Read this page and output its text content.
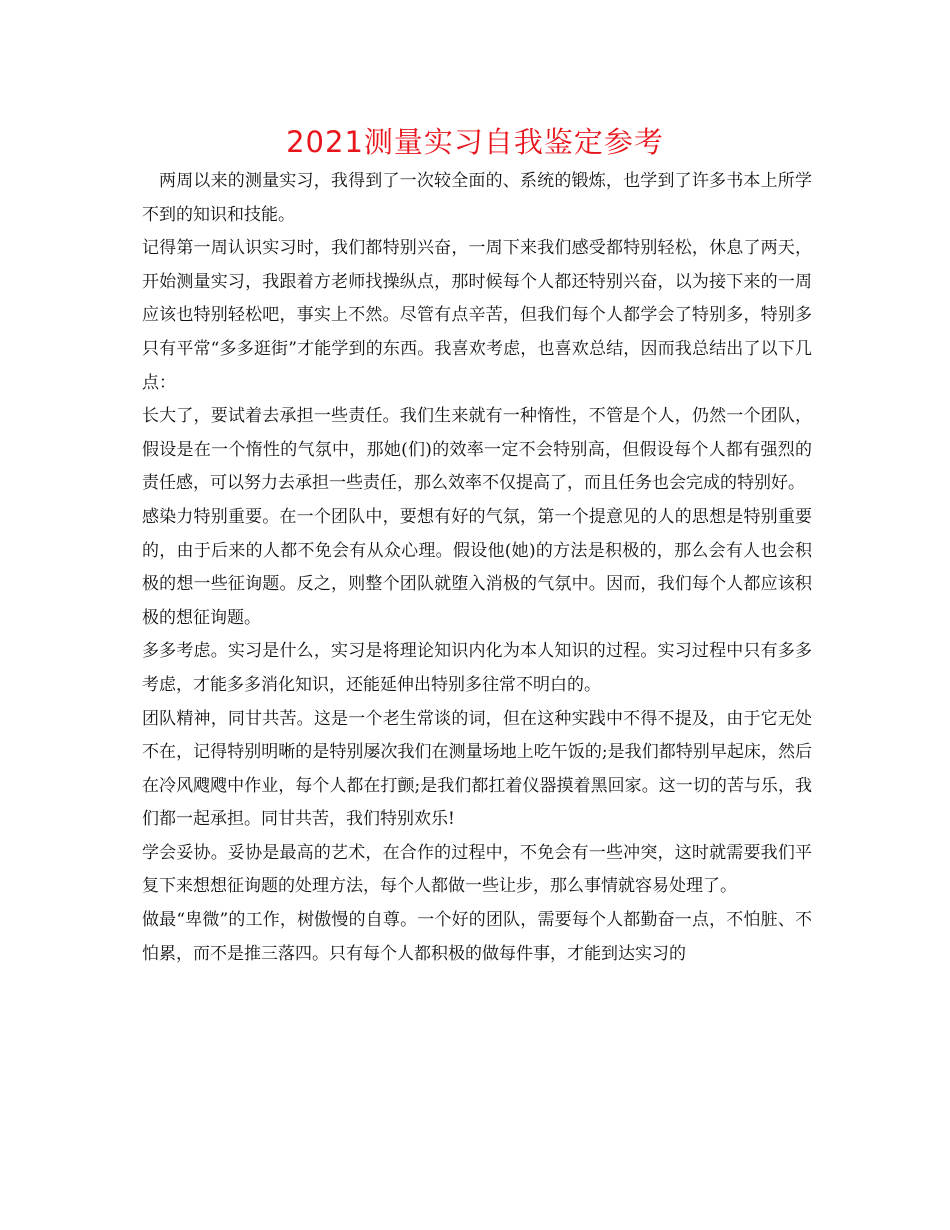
2021测量实习自我鉴定参考

两周以来的测量实习，我得到了一次较全面的、系统的锻炼，也学到了许多书本上所学不到的知识和技能。

记得第一周认识实习时，我们都特别兴奋，一周下来我们感受都特别轻松，休息了两天，开始测量实习，我跟着方老师找操纵点，那时候每个人都还特别兴奋，以为接下来的一周应该也特别轻松吧，事实上不然。尽管有点辛苦，但我们每个人都学会了特别多，特别多只有平常“多多逛街”才能学到的东西。我喜欢考虑，也喜欢总结，因而我总结出了以下几点：

长大了，要试着去承担一些责任。我们生来就有一种惰性，不管是个人，仍然一个团队，假设是在一个惰性的气氛中，那她(们)的效率一定不会特别高，但假设每个人都有强烈的责任感，可以努力去承担一些责任，那么效率不仅提高了，而且任务也会完成的特别好。

感染力特别重要。在一个团队中，要想有好的气氛，第一个提意见的人的思想是特别重要的，由于后来的人都不免会有从众心理。假设他(她)的方法是积极的，那么会有人也会积极的想一些征询题。反之，则整个团队就堕入消极的气氛中。因而，我们每个人都应该积极的想征询题。

多多考虑。实习是什么，实习是将理论知识内化为本人知识的过程。实习过程中只有多多考虑，才能多多消化知识，还能延伸出特别多往常不明白的。

团队精神，同甘共苦。这是一个老生常谈的词，但在这种实践中不得不提及，由于它无处不在，记得特别明晰的是特别屡次我们在测量场地上吃午饭的;是我们都特别早起床，然后在冷风飕飕中作业，每个人都在打颤;是我们都扛着仪器摸着黑回家。这一切的苦与乐，我们都一起承担。同甘共苦，我们特别欢乐!

学会妥协。妥协是最高的艺术，在合作的过程中，不免会有一些冲突，这时就需要我们平复下来想想征询题的处理方法，每个人都做一些让步，那么事情就容易处理了。

做最“卑微”的工作，树傲慢的自尊。一个好的团队，需要每个人都勤奋一点，不怕脏、不怕累，而不是推三落四。只有每个人都积极的做每件事，才能到达实习的
